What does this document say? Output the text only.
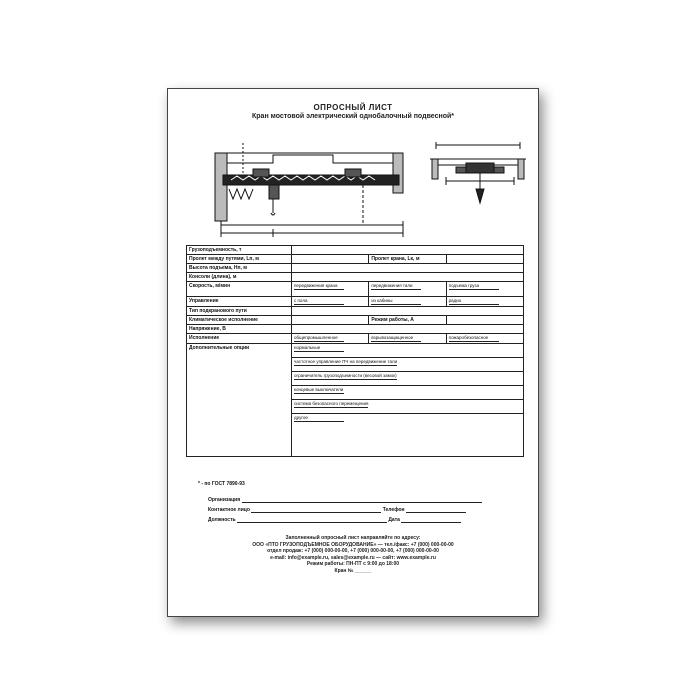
ОПРОСНЫЙ ЛИСТ
Кран мостовой электрический однобалочный подвесной*
Грузоподъемность, т			
Пролет между путями, Lп, м		Пролет крана, Lк, м	
Высота подъема, Hп, м			
Консоли (длина), м			
Скорость, м/мин	передвижения крана	передвижения тали	подъема груза
Управление	с пола	из кабины	радио
Тип подкранового пути			
Климатическое исполнение		Режим работы, А	
Напряжение, В			
Исполнение	общепромышленное	взрывозащищенное	пожаробезопасное
Дополнительные опции	нормальные		
	частотное управление ПЧ на передвижение тали		
	ограничитель грузоподъемности (весовой замок)		
	концевые выключатели		
	система безопасного перемещения		
	другое		
* - по ГОСТ 7890-93
Организация
Контактное лицо	Телефон
Должность	Дата
Заполненный опросный лист направляйте по адресу:
ООО «ПТО ГРУЗОПОДЪЕМНОЕ ОБОРУДОВАНИЕ» — тел./факс: +7 (000) 000-00-00
отдел продаж: +7 (000) 000-00-00, +7 (000) 000-00-00, +7 (000) 000-00-00
e-mail: info@example.ru, sales@example.ru — сайт: www.example.ru
Режим работы: ПН-ПТ с 9:00 до 18:00
Кран № ______
